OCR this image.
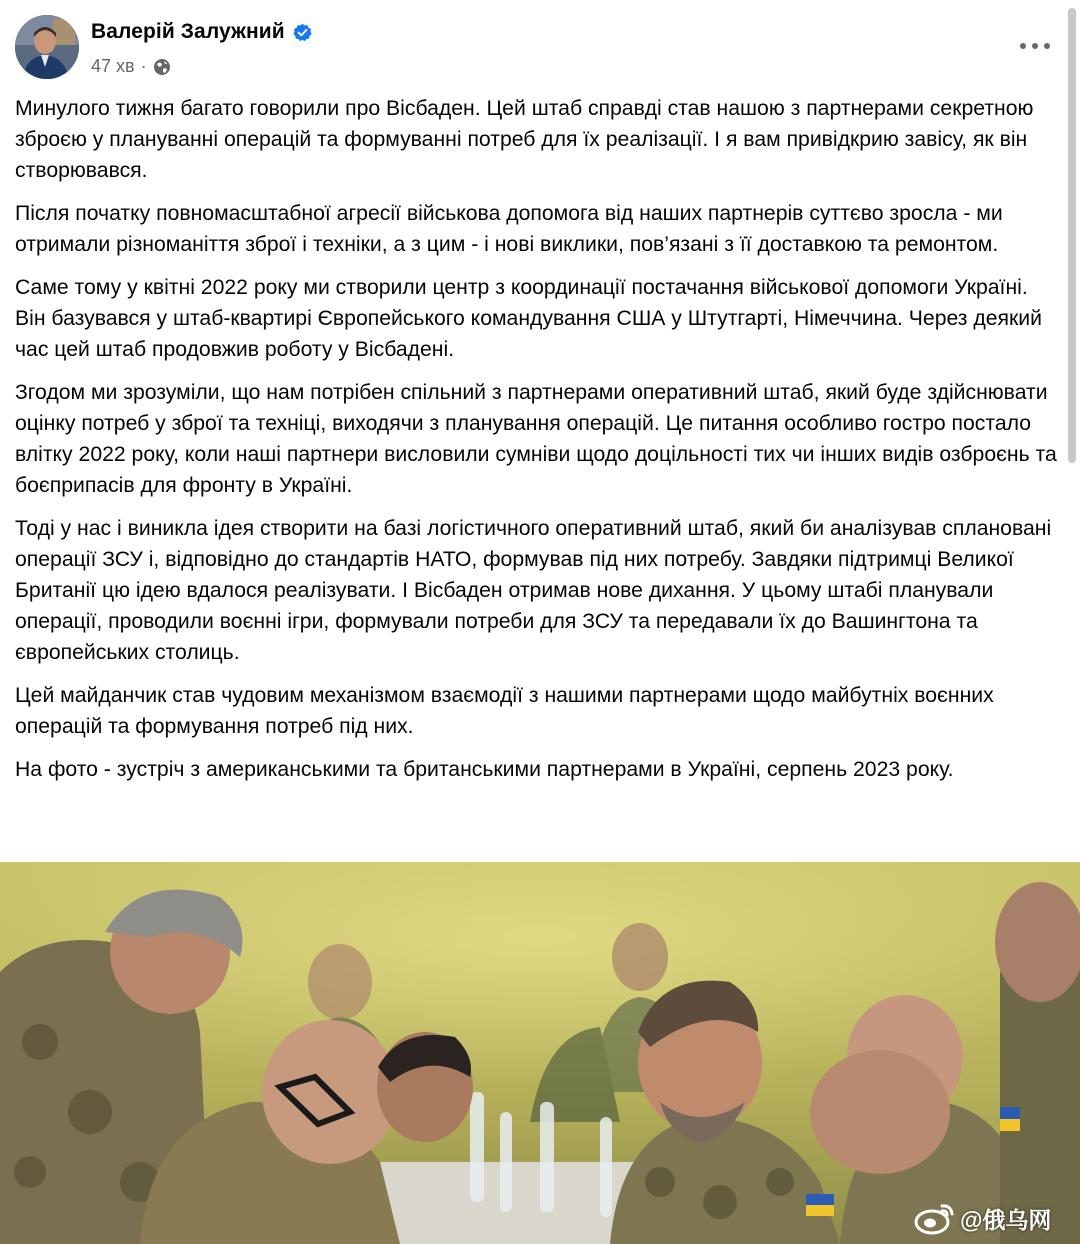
Валерій Залужний
47 хв ·

Минулого тижня багато говорили про Вісбаден. Цей штаб справді став нашою з партнерами секретною зброєю у плануванні операцій та формуванні потреб для їх реалізації. І я вам привідкрию завісу, як він створювався.

Після початку повномасштабної агресії військова допомога від наших партнерів суттєво зросла - ми отримали різноманіття зброї і техніки, а з цим - і нові виклики, пов’язані з її доставкою та ремонтом.

Саме тому у квітні 2022 року ми створили центр з координації постачання військової допомоги Україні. Він базувався у штаб-квартирі Європейського командування США у Штутгарті, Німеччина. Через деякий час цей штаб продовжив роботу у Вісбадені.

Згодом ми зрозуміли, що нам потрібен спільний з партнерами оперативний штаб, який буде здійснювати оцінку потреб у зброї та техніці, виходячи з планування операцій. Це питання особливо гостро постало влітку 2022 року, коли наші партнери висловили сумніви щодо доцільності тих чи інших видів озброєнь та боєприпасів для фронту в Україні.

Тоді у нас і виникла ідея створити на базі логістичного оперативний штаб, який би аналізував сплановані операції ЗСУ і, відповідно до стандартів НАТО, формував під них потребу. Завдяки підтримці Великої Британії цю ідею вдалося реалізувати. І Вісбаден отримав нове дихання. У цьому штабі планували операції, проводили воєнні ігри, формували потреби для ЗСУ та передавали їх до Вашингтона та європейських столиць.

Цей майданчик став чудовим механізмом взаємодії з нашими партнерами щодо майбутніх воєнних операцій та формування потреб під них.

На фото - зустріч з американськими та британськими партнерами в Україні, серпень 2023 року.

@俄乌网
